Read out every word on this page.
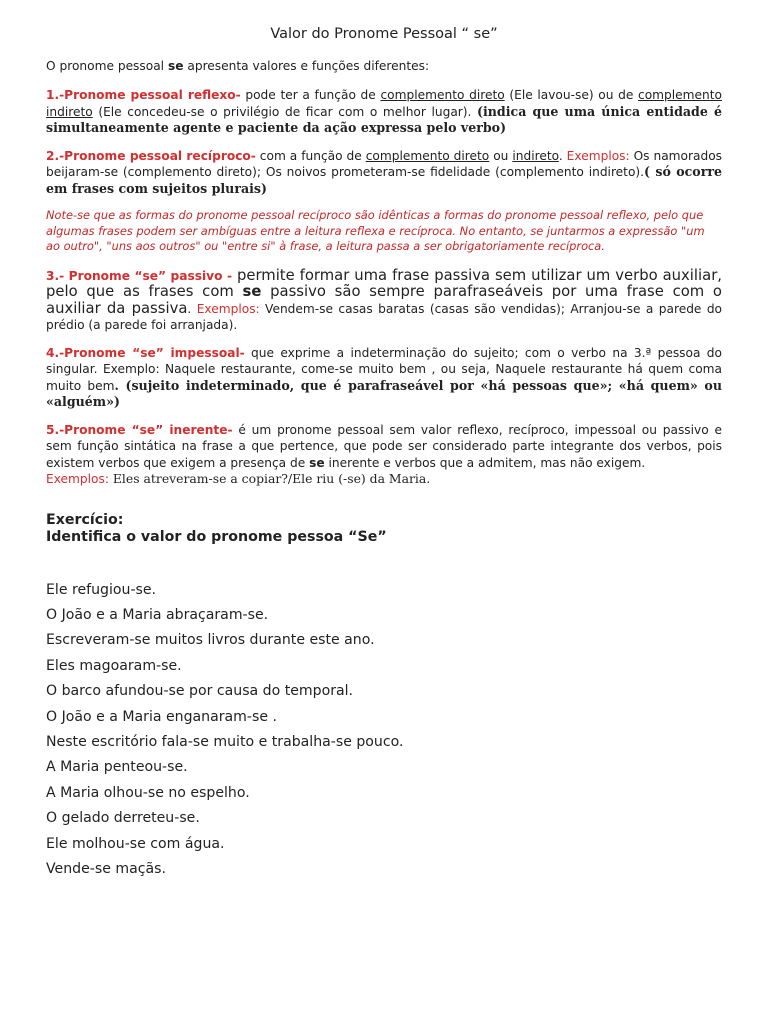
Valor do Pronome Pessoal “ se”

O pronome pessoal se apresenta valores e funções diferentes:

1.-Pronome pessoal reflexo- pode ter a função de complemento direto (Ele lavou-se) ou de complemento indireto (Ele concedeu-se o privilégio de ficar com o melhor lugar). (indica que uma única entidade é simultaneamente agente e paciente da ação expressa pelo verbo)

2.-Pronome pessoal recíproco- com a função de complemento direto ou indireto. Exemplos: Os namorados beijaram-se (complemento direto); Os noivos prometeram-se fidelidade (complemento indireto).( só ocorre em frases com sujeitos plurais)

Note-se que as formas do pronome pessoal recíproco são idênticas a formas do pronome pessoal reflexo, pelo que algumas frases podem ser ambíguas entre a leitura reflexa e recíproca. No entanto, se juntarmos a expressão "um ao outro", "uns aos outros" ou "entre si" à frase, a leitura passa a ser obrigatoriamente recíproca.

3.- Pronome “se” passivo - permite formar uma frase passiva sem utilizar um verbo auxiliar, pelo que as frases com se passivo são sempre parafraseáveis por uma frase com o auxiliar da passiva. Exemplos: Vendem-se casas baratas (casas são vendidas); Arranjou-se a parede do prédio (a parede foi arranjada).

4.-Pronome “se” impessoal- que exprime a indeterminação do sujeito; com o verbo na 3.ª pessoa do singular. Exemplo: Naquele restaurante, come-se muito bem , ou seja, Naquele restaurante há quem coma muito bem. (sujeito indeterminado, que é parafraseável por «há pessoas que»; «há quem» ou «alguém»)

5.-Pronome “se” inerente- é um pronome pessoal sem valor reflexo, recíproco, impessoal ou passivo e sem função sintática na frase a que pertence, que pode ser considerado parte integrante dos verbos, pois existem verbos que exigem a presença de se inerente e verbos que a admitem, mas não exigem.
Exemplos: Eles atreveram-se a copiar?/Ele riu (-se) da Maria.

Exercício:
Identifica o valor do pronome pessoa “Se”
Ele refugiou-se.
O João e a Maria abraçaram-se.
Escreveram-se muitos livros durante este ano.
Eles magoaram-se.
O barco afundou-se por causa do temporal.
O João e a Maria enganaram-se .
Neste escritório fala-se muito e trabalha-se pouco.
A Maria penteou-se.
A Maria olhou-se no espelho.
O gelado derreteu-se.
Ele molhou-se com água.
Vende-se maçãs.
